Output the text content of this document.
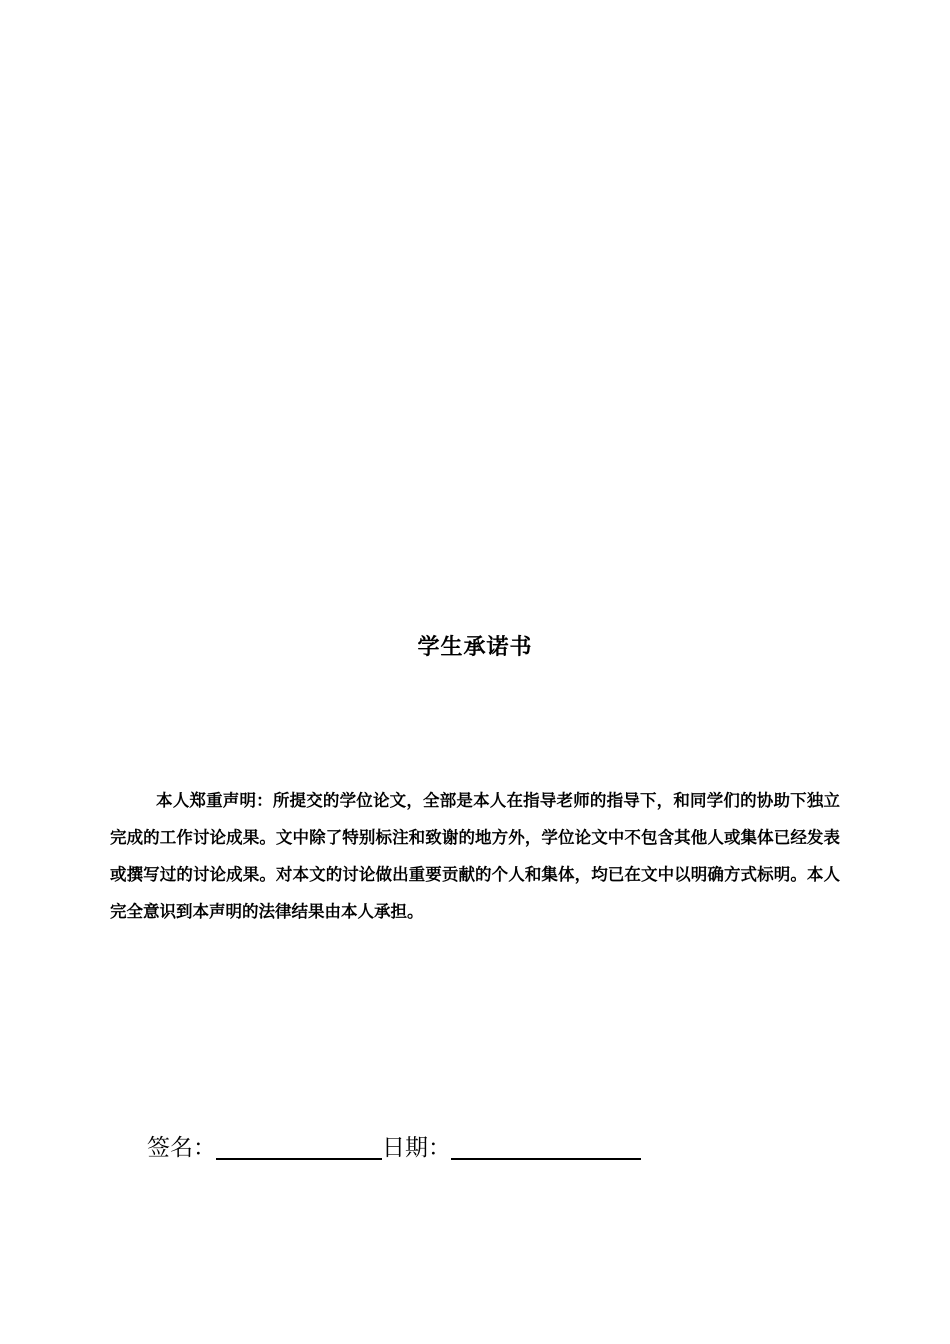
学生承诺书
本人郑重声明：所提交的学位论文，全部是本人在指导老师的指导下，和同学们的协助下独立完成的工作讨论成果。文中除了特别标注和致谢的地方外，学位论文中不包含其他人或集体已经发表或撰写过的讨论成果。对本文的讨论做出重要贡献的个人和集体，均已在文中以明确方式标明。本人完全意识到本声明的法律结果由本人承担。
签名：	日期：
